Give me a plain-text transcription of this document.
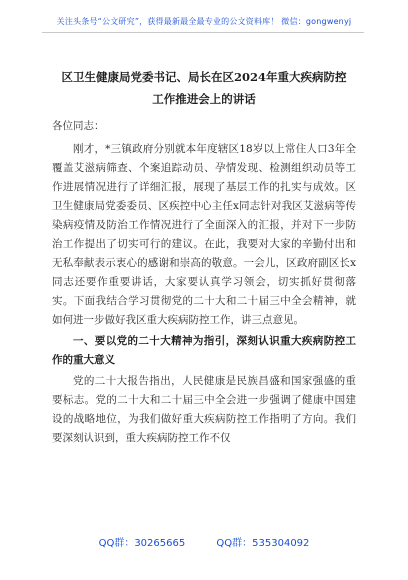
关注头条号“公文研究”，获得最新最全最专业的公文资料库！ 微信：gongwenyj
区卫生健康局党委书记、局长在区2024年重大疾病防控工作推进会上的讲话
各位同志：

刚才，*三镇政府分别就本年度辖区18岁以上常住人口3年全覆盖艾滋病筛查、个案追踪动员、孕情发现、检测组织动员等工作进展情况进行了详细汇报，展现了基层工作的扎实与成效。区卫生健康局党委委员、区疾控中心主任x同志针对我区艾滋病等传染病疫情及防治工作情况进行了全面深入的汇报，并对下一步防治工作提出了切实可行的建议。在此，我要对大家的辛勤付出和无私奉献表示衷心的感谢和崇高的敬意。一会儿，区政府副区长x同志还要作重要讲话，大家要认真学习领会，切实抓好贯彻落实。下面我结合学习贯彻党的二十大和二十届三中全会精神，就如何进一步做好我区重大疾病防控工作，讲三点意见。

一、要以党的二十大精神为指引，深刻认识重大疾病防控工作的重大意义

党的二十大报告指出，人民健康是民族昌盛和国家强盛的重要标志。党的二十大和二十届三中全会进一步强调了健康中国建设的战略地位，为我们做好重大疾病防控工作指明了方向。我们要深刻认识到，重大疾病防控工作不仅

QQ群：30265665	QQ群：535304092
